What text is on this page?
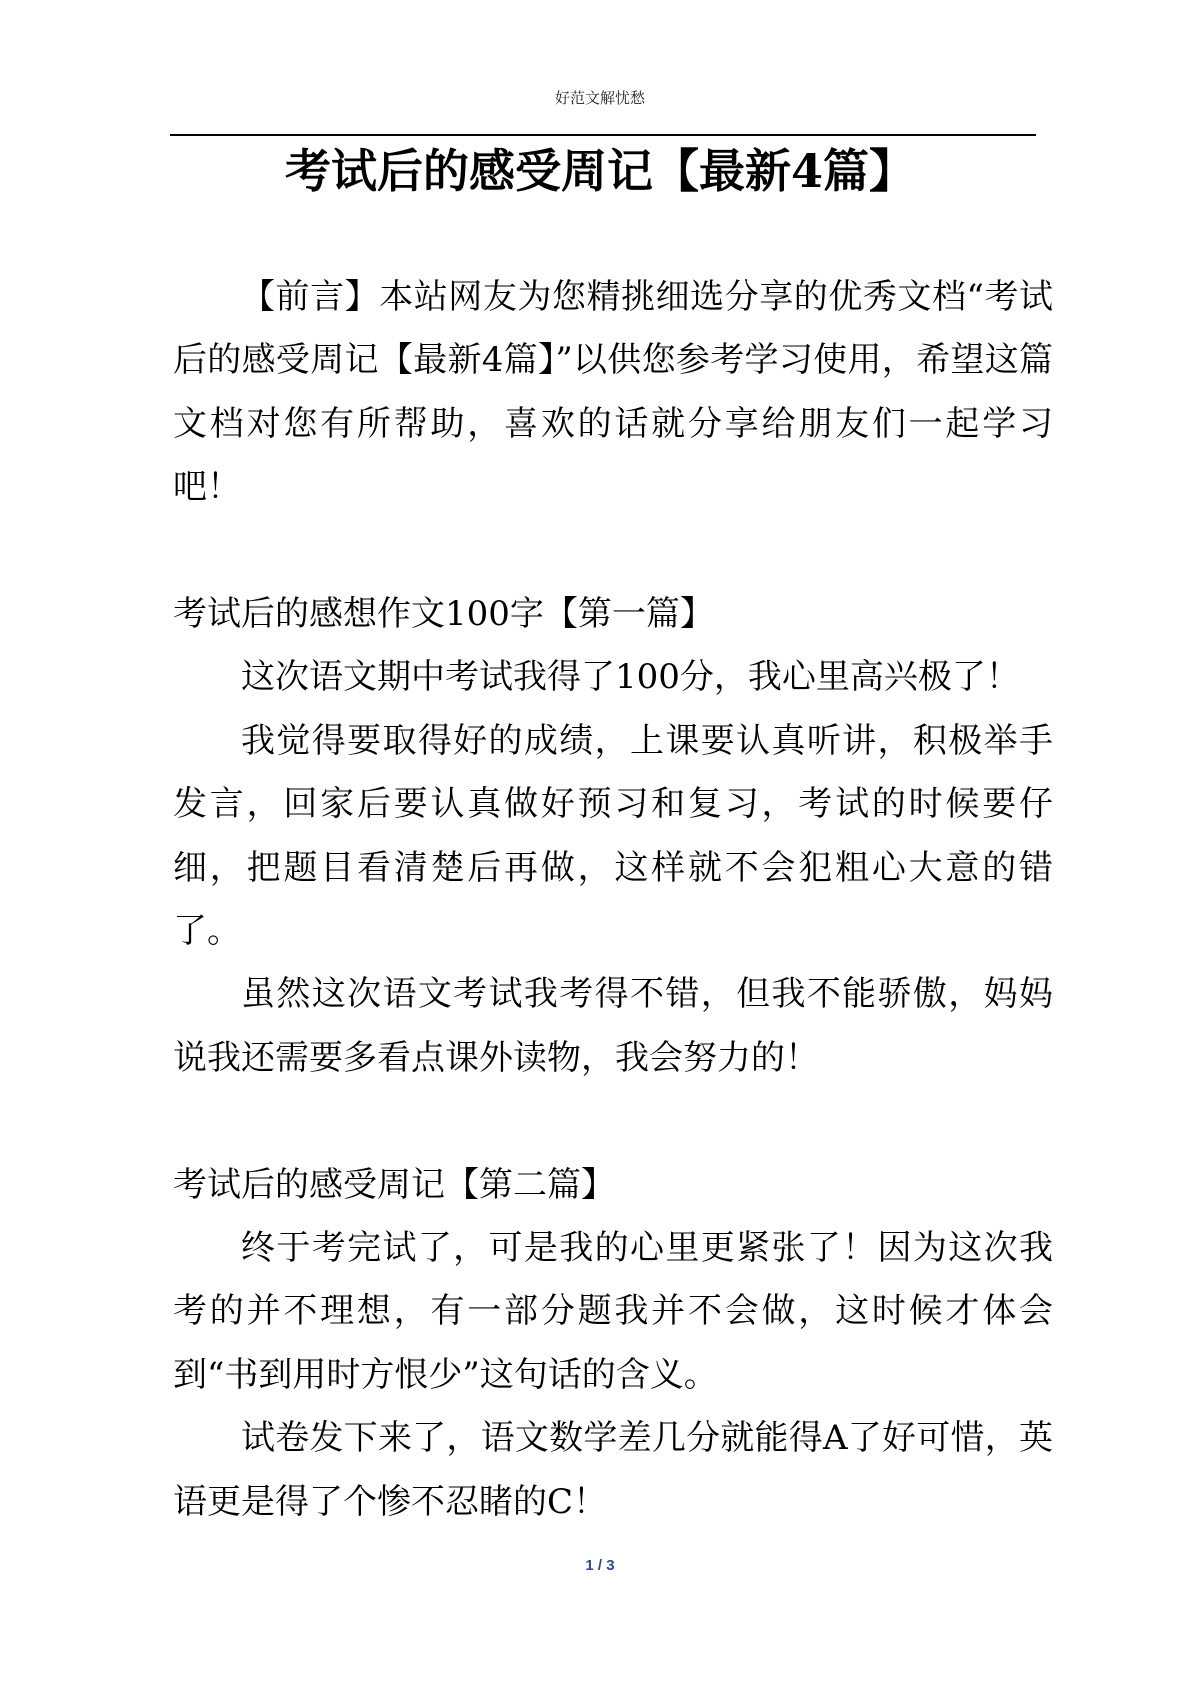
好范文解忧愁
考试后的感受周记【最新4篇】

【前言】本站网友为您精挑细选分享的优秀文档“考试后的感受周记【最新4篇】”以供您参考学习使用，希望这篇文档对您有所帮助，喜欢的话就分享给朋友们一起学习吧！

考试后的感想作文100字【第一篇】

这次语文期中考试我得了100分，我心里高兴极了！

我觉得要取得好的成绩，上课要认真听讲，积极举手发言，回家后要认真做好预习和复习，考试的时候要仔细，把题目看清楚后再做，这样就不会犯粗心大意的错了。

虽然这次语文考试我考得不错，但我不能骄傲，妈妈说我还需要多看点课外读物，我会努力的！

考试后的感受周记【第二篇】

终于考完试了，可是我的心里更紧张了！因为这次我考的并不理想，有一部分题我并不会做，这时候才体会到“书到用时方恨少”这句话的含义。

试卷发下来了，语文数学差几分就能得A了好可惜，英语更是得了个惨不忍睹的C！

1 / 3
